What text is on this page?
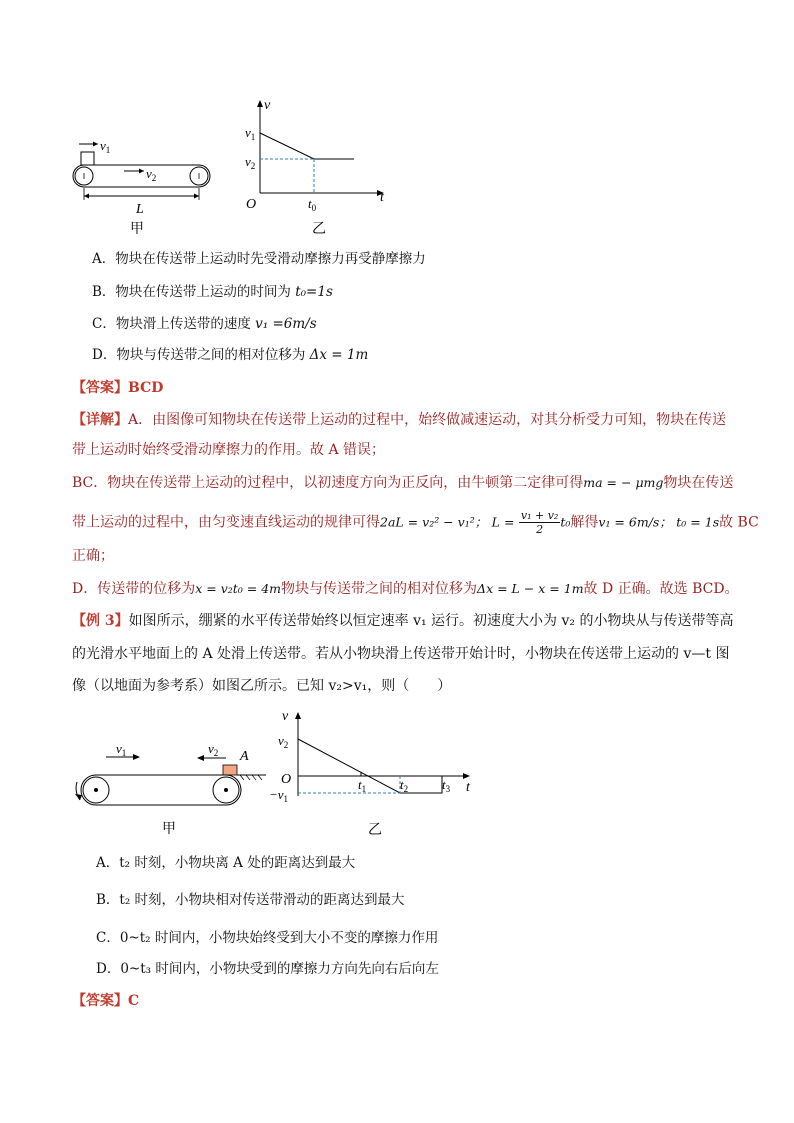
$v_1$
$v_2$
L
甲
v
t
$v_1$
$v_2$
O	$t_0$
乙
A．物块在传送带上运动时先受滑动摩擦力再受静摩擦力
B．物块在传送带上运动的时间为 t₀=1s
C．物块滑上传送带的速度 v₁ =6m/s
D．物块与传送带之间的相对位移为 Δx = 1m
【答案】BCD
【详解】A．由图像可知物块在传送带上运动的过程中，始终做减速运动，对其分析受力可知，物块在传送
带上运动时始终受滑动摩擦力的作用。故 A 错误；
BC．物块在传送带上运动的过程中，以初速度方向为正反向，由牛顿第二定律可得ma = − μmg物块在传送
带上运动的过程中，由匀变速直线运动的规律可得2aL = v₂² − v₁²； $L = \frac{\text{v₁ + v₂}}{2} t_0$解得v₁ = 6m/s； t₀ = 1s故 BC
正确；
D．传送带的位移为x = v₂t₀ = 4m物块与传送带之间的相对位移为Δx = L − x = 1m故 D 正确。故选 BCD。
【例 3】如图所示，绷紧的水平传送带始终以恒定速率 v₁ 运行。初速度大小为 v₂ 的小物块从与传送带等高
的光滑水平地面上的 A 处滑上传送带。若从小物块滑上传送带开始计时，小物块在传送带上运动的 v—t 图
像（以地面为参考系）如图乙所示。已知 v₂>v₁，则（　　）
$v_1$	$v_2$ A
甲
v
t
$v_2$
O
$-v_1$
$t_1$	$t_2$	$t_3$
乙
A．t₂ 时刻，小物块离 A 处的距离达到最大
B．t₂ 时刻，小物块相对传送带滑动的距离达到最大
C．0~t₂ 时间内，小物块始终受到大小不变的摩擦力作用
D．0~t₃ 时间内，小物块受到的摩擦力方向先向右后向左
【答案】C
